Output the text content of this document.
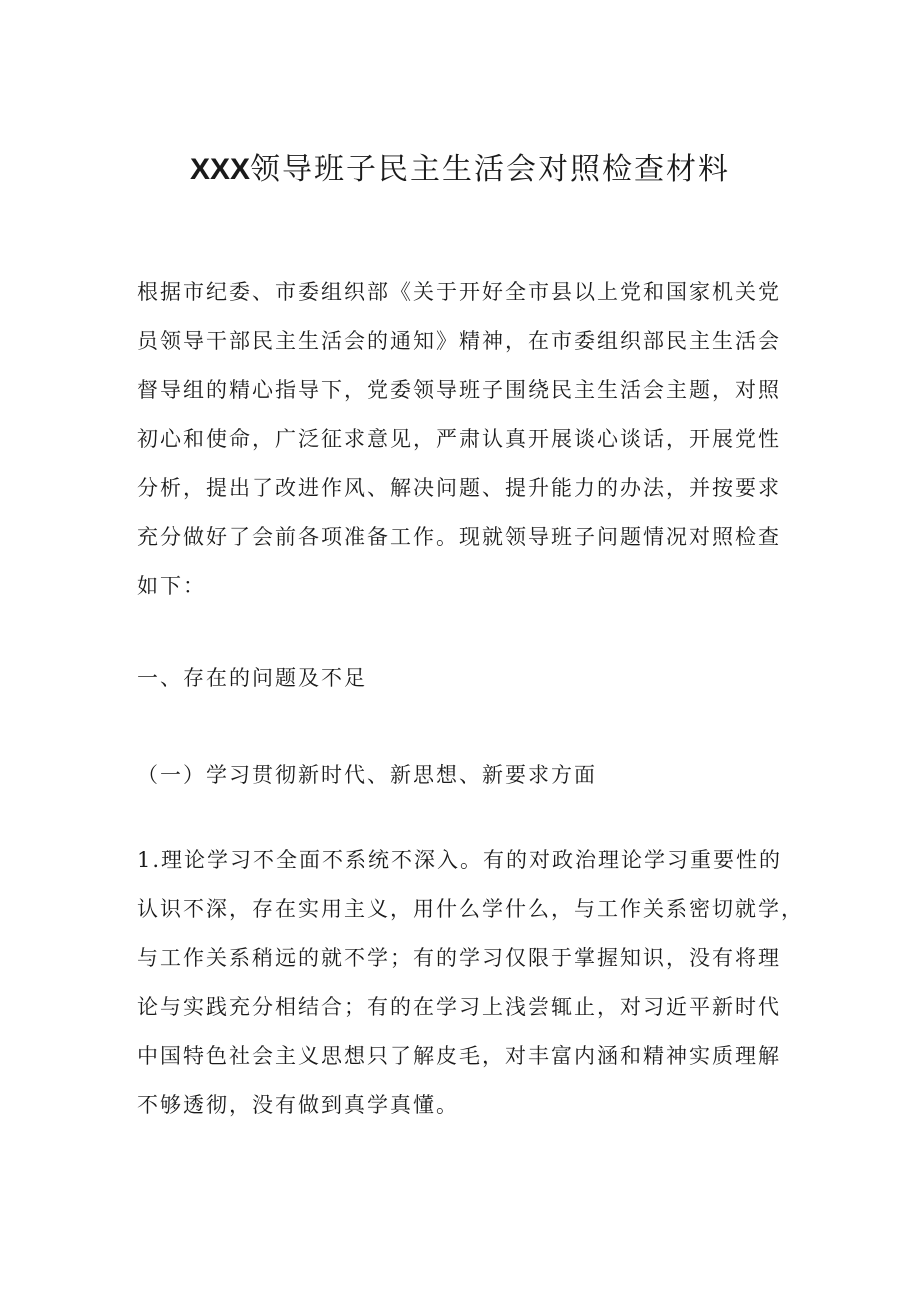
XXX领导班子民主生活会对照检查材料
根据市纪委、市委组织部《关于开好全市县以上党和国家机关党
员领导干部民主生活会的通知》精神，在市委组织部民主生活会
督导组的精心指导下，党委领导班子围绕民主生活会主题，对照
初心和使命，广泛征求意见，严肃认真开展谈心谈话，开展党性
分析，提出了改进作风、解决问题、提升能力的办法，并按要求
充分做好了会前各项准备工作。现就领导班子问题情况对照检查
如下：
一、存在的问题及不足
（一）学习贯彻新时代、新思想、新要求方面
1.理论学习不全面不系统不深入。有的对政治理论学习重要性的
认识不深，存在实用主义，用什么学什么，与工作关系密切就学，
与工作关系稍远的就不学；有的学习仅限于掌握知识，没有将理
论与实践充分相结合；有的在学习上浅尝辄止，对习近平新时代
中国特色社会主义思想只了解皮毛，对丰富内涵和精神实质理解
不够透彻，没有做到真学真懂。
